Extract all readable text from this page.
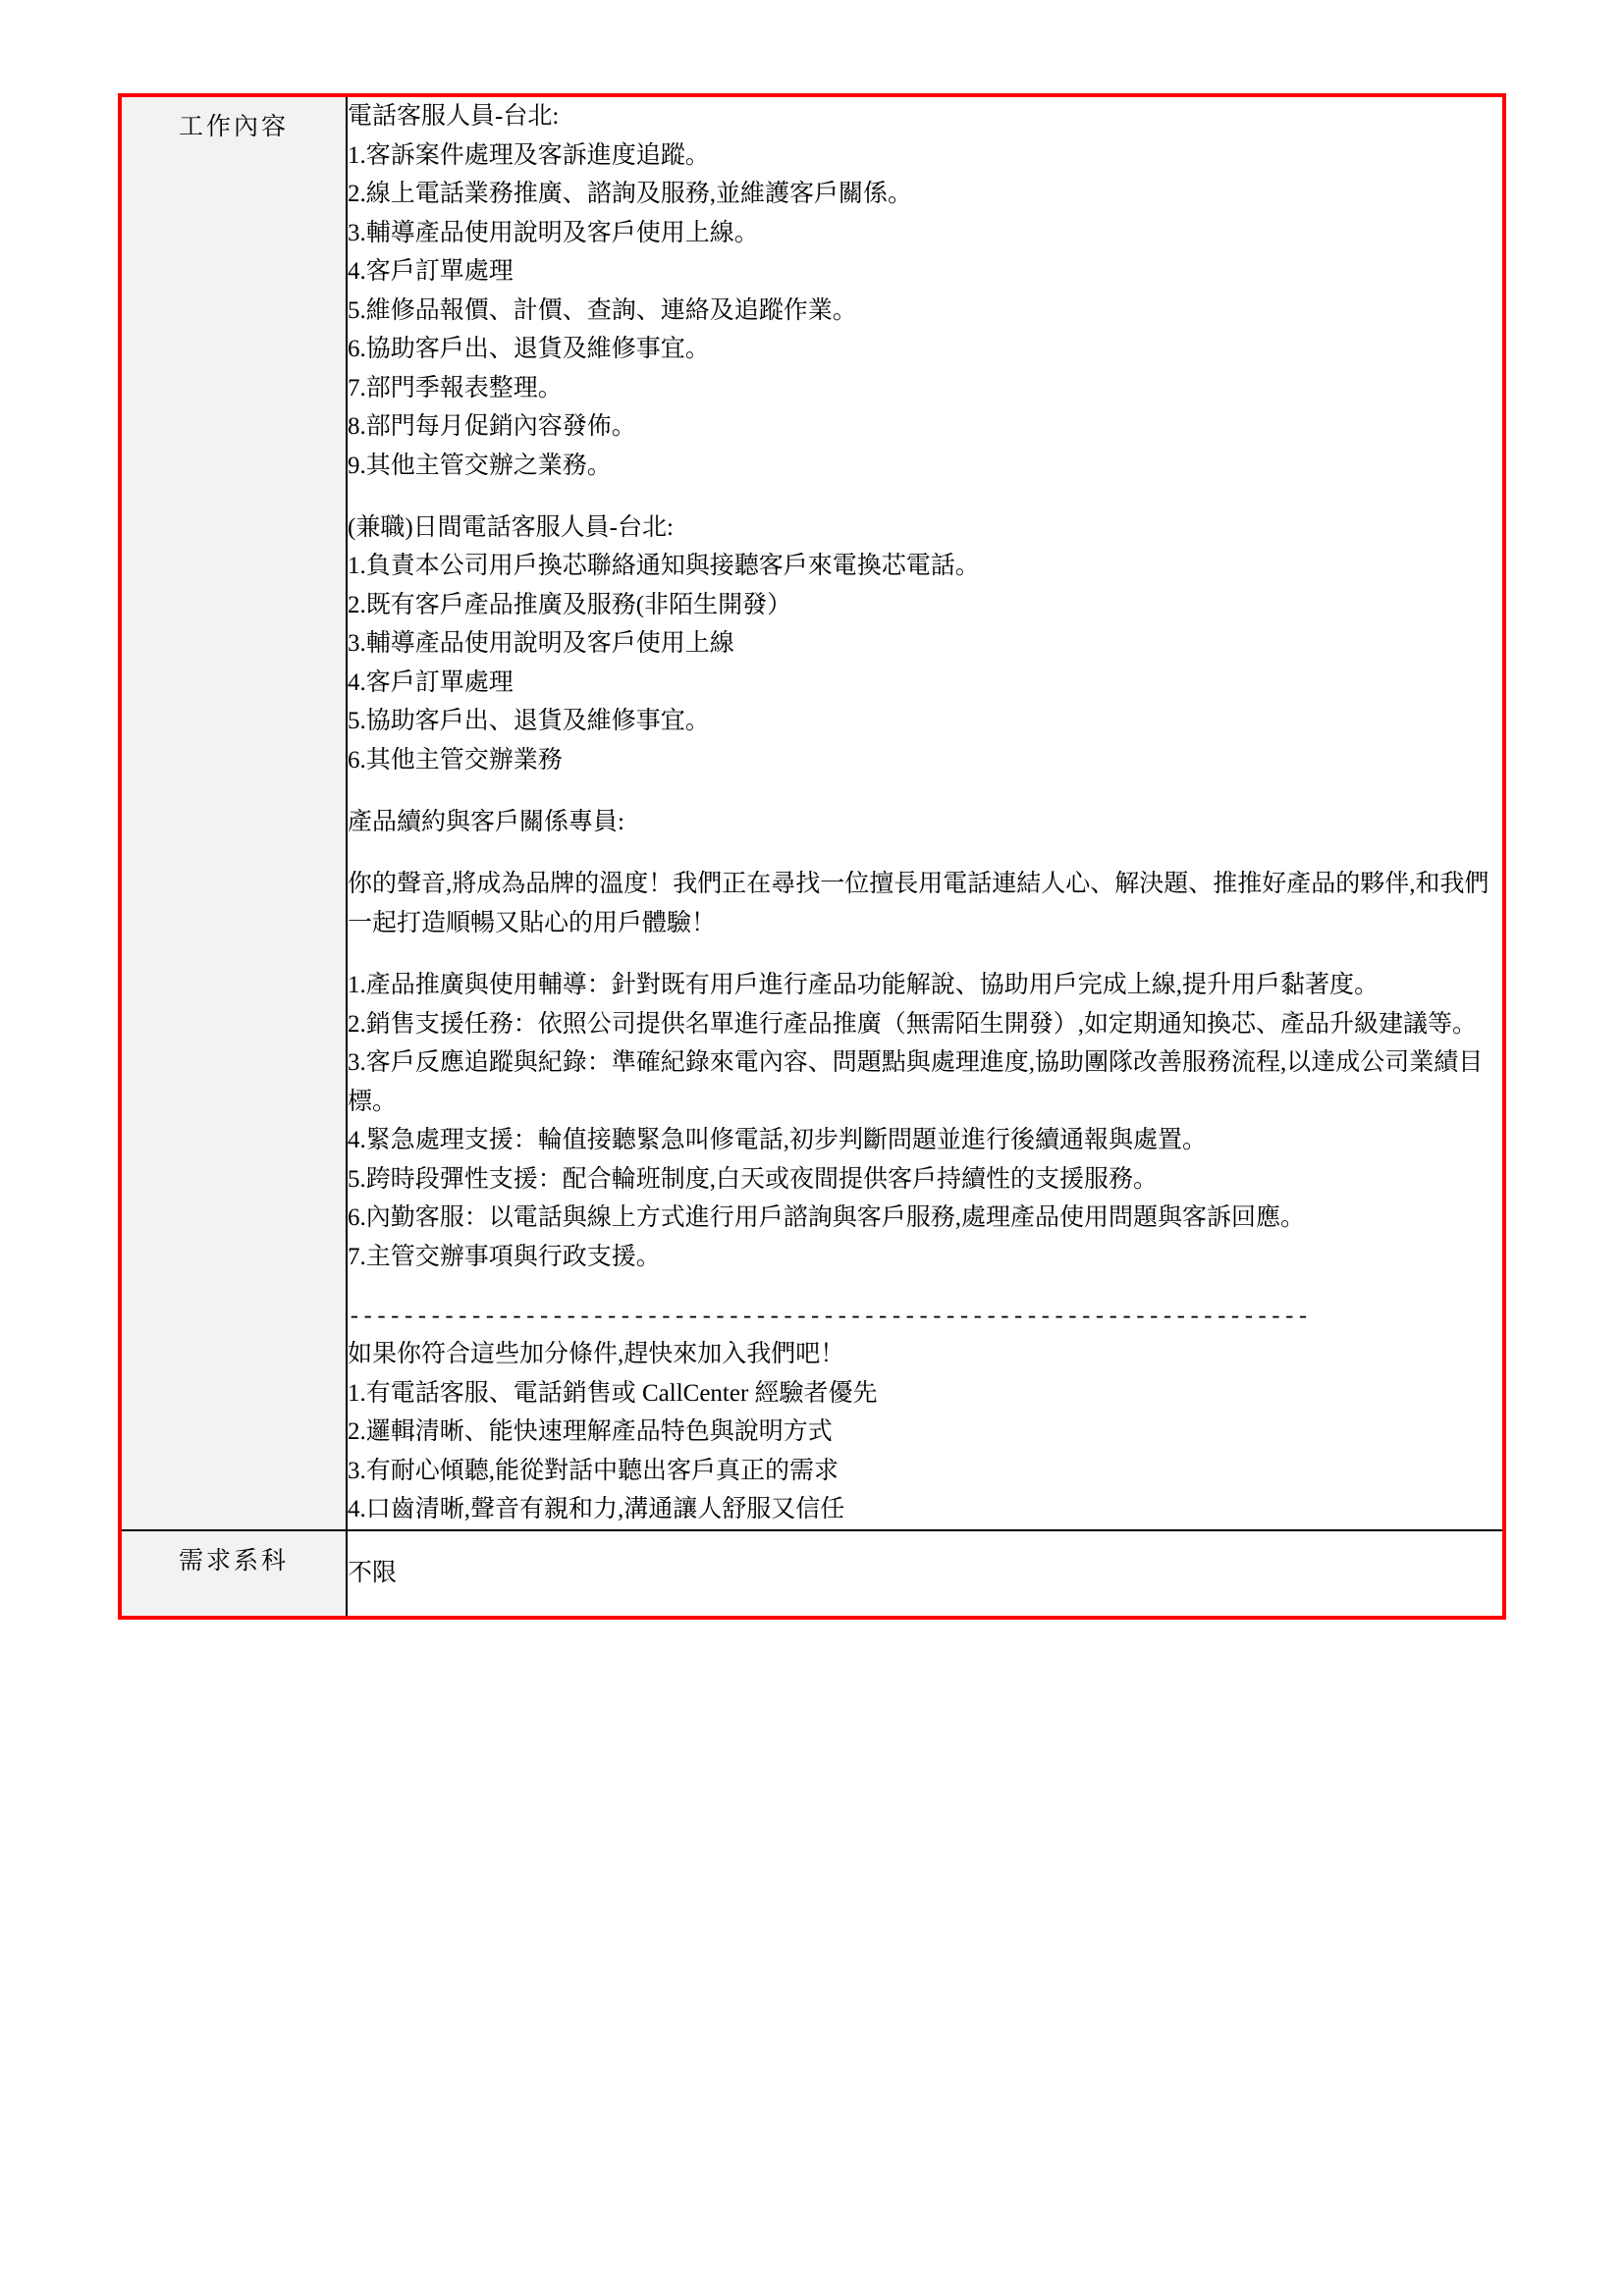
工作內容	電話客服人員-台北:

1.客訴案件處理及客訴進度追蹤。

2.線上電話業務推廣、諮詢及服務,並維護客戶關係。

3.輔導產品使用說明及客戶使用上線。

4.客戶訂單處理

5.維修品報價、計價、查詢、連絡及追蹤作業。

6.協助客戶出、退貨及維修事宜。

7.部門季報表整理。

8.部門每月促銷內容發佈。

9.其他主管交辦之業務。

(兼職)日間電話客服人員-台北:

1.負責本公司用戶換芯聯絡通知與接聽客戶來電換芯電話。

2.既有客戶產品推廣及服務(非陌生開發）

3.輔導產品使用說明及客戶使用上線

4.客戶訂單處理

5.協助客戶出、退貨及維修事宜。

6.其他主管交辦業務

產品續約與客戶關係專員:

你的聲音,將成為品牌的溫度！我們正在尋找一位擅長用電話連結人心、解決題、推推好產品的夥伴,和我們一起打造順暢又貼心的用戶體驗！

1.產品推廣與使用輔導：針對既有用戶進行產品功能解說、協助用戶完成上線,提升用戶黏著度。

2.銷售支援任務：依照公司提供名單進行產品推廣（無需陌生開發）,如定期通知換芯、產品升級建議等。

3.客戶反應追蹤與紀錄：準確紀錄來電內容、問題點與處理進度,協助團隊改善服務流程,以達成公司業績目標。

4.緊急處理支援：輪值接聽緊急叫修電話,初步判斷問題並進行後續通報與處置。

5.跨時段彈性支援：配合輪班制度,白天或夜間提供客戶持續性的支援服務。

6.內勤客服：以電話與線上方式進行用戶諮詢與客戶服務,處理產品使用問題與客訴回應。

7.主管交辦事項與行政支援。

-----------------------------------------------------------------------

如果你符合這些加分條件,趕快來加入我們吧！

1.有電話客服、電話銷售或 CallCenter 經驗者優先

2.邏輯清晰、能快速理解產品特色與說明方式

3.有耐心傾聽,能從對話中聽出客戶真正的需求

4.口齒清晰,聲音有親和力,溝通讓人舒服又信任

需求系科	不限
